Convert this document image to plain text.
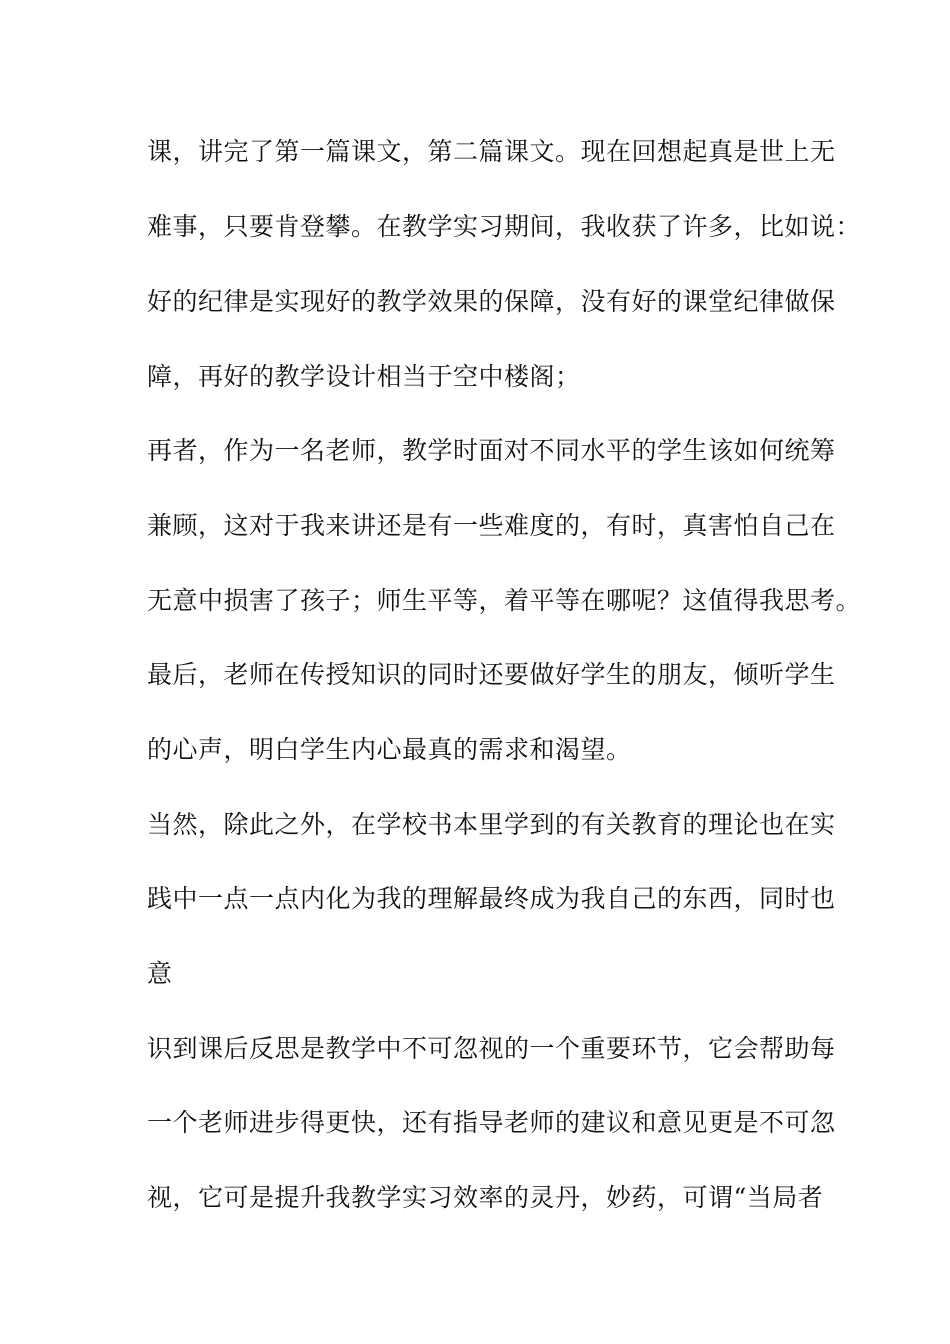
课，讲完了第一篇课文，第二篇课文。现在回想起真是世上无
难事，只要肯登攀。在教学实习期间，我收获了许多，比如说：
好的纪律是实现好的教学效果的保障，没有好的课堂纪律做保
障，再好的教学设计相当于空中楼阁；
再者，作为一名老师，教学时面对不同水平的学生该如何统筹
兼顾，这对于我来讲还是有一些难度的，有时，真害怕自己在
无意中损害了孩子；师生平等，着平等在哪呢？这值得我思考。
最后，老师在传授知识的同时还要做好学生的朋友，倾听学生
的心声，明白学生内心最真的需求和渴望。
当然，除此之外，在学校书本里学到的有关教育的理论也在实
践中一点一点内化为我的理解最终成为我自己的东西，同时也
意
识到课后反思是教学中不可忽视的一个重要环节，它会帮助每
一个老师进步得更快，还有指导老师的建议和意见更是不可忽
视，它可是提升我教学实习效率的灵丹，妙药，可谓“当局者
